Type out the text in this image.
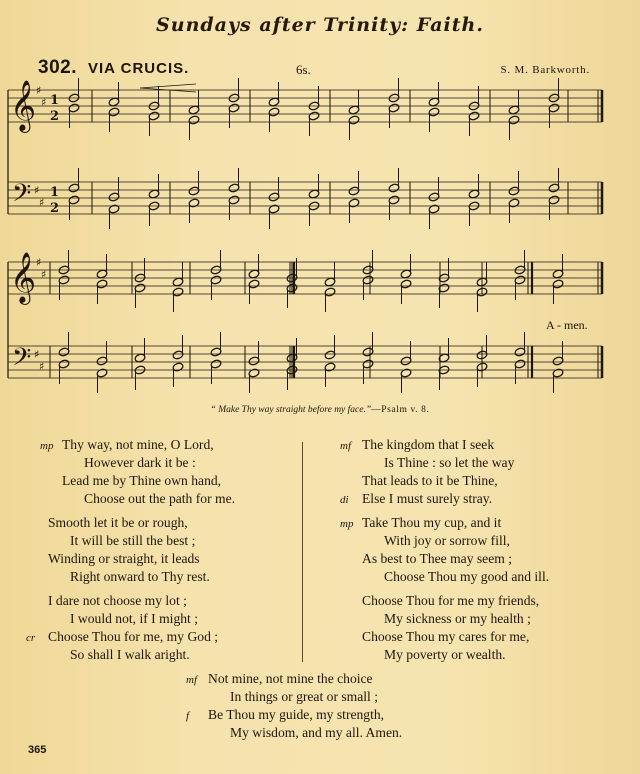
Sundays after Trinity: Faith.
302. VIA CRUCIS.	6s.	S. M. Barkworth.
𝄞
𝄢
♯
♯
♯
♯
1
2
1
2
𝄞
𝄢
♯
♯
♯
♯
A - men.
“ Make Thy way straight before my face.”—Psalm v. 8.
mp Thy way, not mine, O Lord,
However dark it be :
Lead me by Thine own hand,
Choose out the path for me.
Smooth let it be or rough,
It will be still the best ;
Winding or straight, it leads
Right onward to Thy rest.
I dare not choose my lot ;
I would not, if I might ;
cr Choose Thou for me, my God ;
So shall I walk aright.
mf The kingdom that I seek
Is Thine : so let the way
That leads to it be Thine,
di Else I must surely stray.
mp Take Thou my cup, and it
With joy or sorrow fill,
As best to Thee may seem ;
Choose Thou my good and ill.
Choose Thou for me my friends,
My sickness or my health ;
Choose Thou my cares for me,
My poverty or wealth.
mf Not mine, not mine the choice
In things or great or small ;
f Be Thou my guide, my strength,
My wisdom, and my all. Amen.
365
